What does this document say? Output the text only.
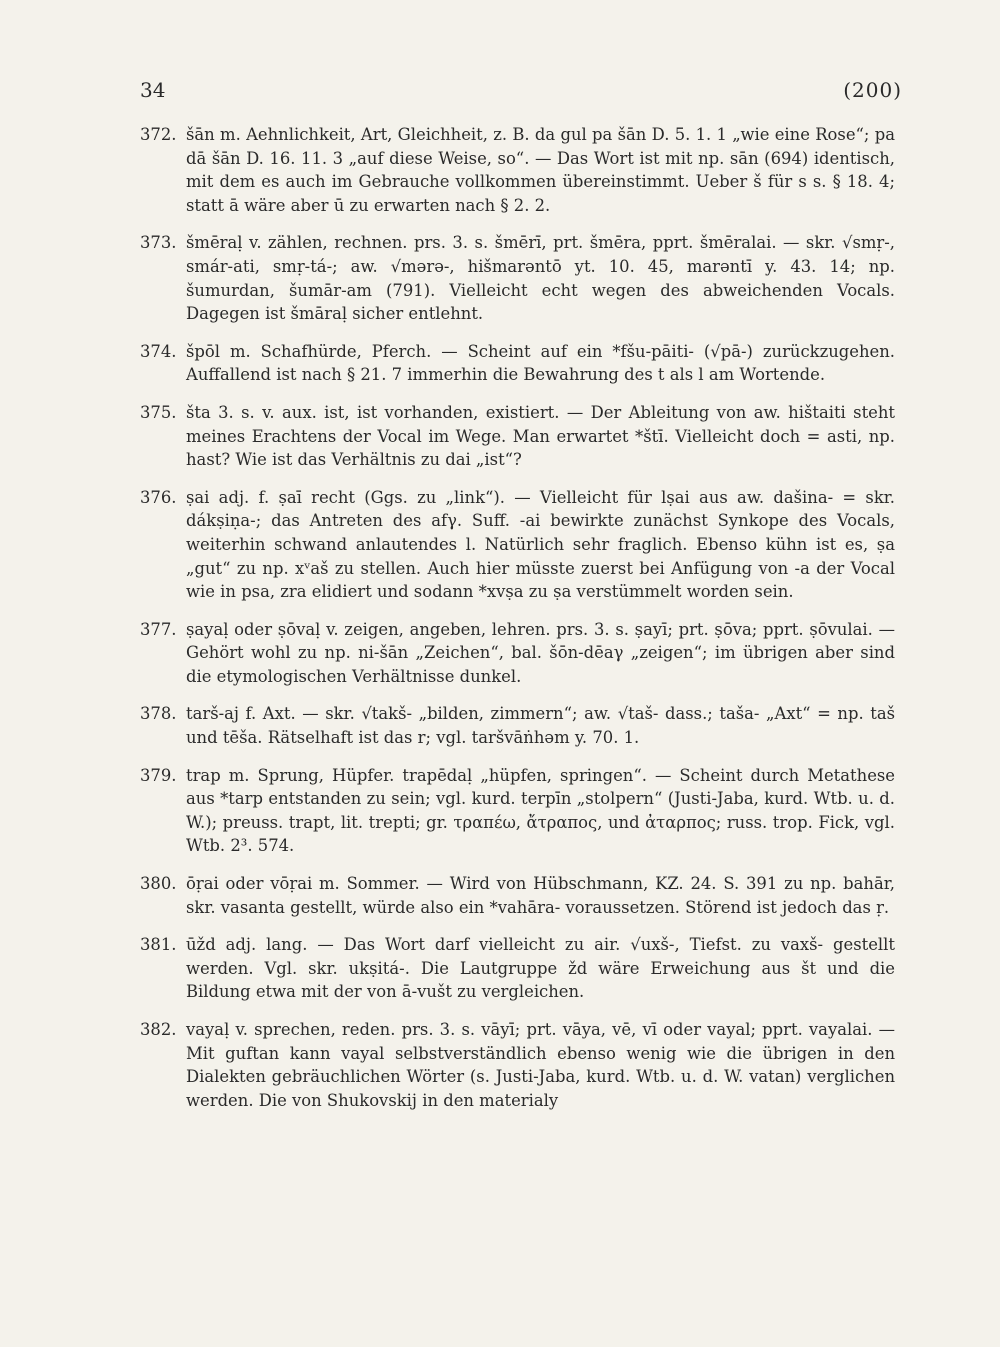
34	(200)
372. šān m. Aehnlichkeit, Art, Gleichheit, z. B. da gul pa šān D. 5. 1. 1 „wie eine Rose“; pa dā šān D. 16. 11. 3 „auf diese Weise, so“. — Das Wort ist mit np. sān (694) identisch, mit dem es auch im Gebrauche vollkommen übereinstimmt. Ueber š für s s. § 18. 4; statt ā wäre aber ū zu erwarten nach § 2. 2.
373. šmēraḷ v. zählen, rechnen. prs. 3. s. šmērī, prt. šmēra, pprt. šmēralai. — skr. √smṛ-, smár-ati, smṛ-tá-; aw. √mərə-, hišmarəntō yt. 10. 45, marəntī y. 43. 14; np. šumurdan, šumār-am (791). Vielleicht echt wegen des abweichenden Vocals. Dagegen ist šmāraḷ sicher entlehnt.
374. špōl m. Schafhürde, Pferch. — Scheint auf ein *fšu-pāiti- (√pā-) zurückzugehen. Auffallend ist nach § 21. 7 immerhin die Bewahrung des t als l am Wortende.
375. šta 3. s. v. aux. ist, ist vorhanden, existiert. — Der Ableitung von aw. hištaiti steht meines Erachtens der Vocal im Wege. Man erwartet *štī. Vielleicht doch = asti, np. hast? Wie ist das Verhältnis zu dai „ist“?
376. ṣai adj. f. ṣaī recht (Ggs. zu „link“). — Vielleicht für lṣai aus aw. dašina- = skr. dákṣiṇa-; das Antreten des afγ. Suff. -ai bewirkte zunächst Synkope des Vocals, weiterhin schwand anlautendes l. Natürlich sehr fraglich. Ebenso kühn ist es, ṣa „gut“ zu np. xᵛaš zu stellen. Auch hier müsste zuerst bei Anfügung von -a der Vocal wie in psa, zra elidiert und sodann *xvṣa zu ṣa verstümmelt worden sein.
377. ṣayaḷ oder ṣōvaḷ v. zeigen, angeben, lehren. prs. 3. s. ṣayī; prt. ṣōva; pprt. ṣōvulai. — Gehört wohl zu np. ni-šān „Zeichen“, bal. šōn-dēaγ „zeigen“; im übrigen aber sind die etymologischen Verhältnisse dunkel.
378. tarš-aj f. Axt. — skr. √takš- „bilden, zimmern“; aw. √taš- dass.; taša- „Axt“ = np. taš und tēša. Rätselhaft ist das r; vgl. taršvāṅhəm y. 70. 1.
379. trap m. Sprung, Hüpfer. trapēdaḷ „hüpfen, springen“. — Scheint durch Metathese aus *tarp entstanden zu sein; vgl. kurd. terpīn „stolpern“ (Justi-Jaba, kurd. Wtb. u. d. W.); preuss. trapt, lit. trepti; gr. τραπέω, ἄτραπος, und ἀταρπος; russ. trop. Fick, vgl. Wtb. 2³. 574.
380. ōṛai oder vōṛai m. Sommer. — Wird von Hübschmann, KZ. 24. S. 391 zu np. bahār, skr. vasanta gestellt, würde also ein *vahāra- voraussetzen. Störend ist jedoch das ṛ.
381. ūžd adj. lang. — Das Wort darf vielleicht zu air. √uxš-, Tiefst. zu vaxš- gestellt werden. Vgl. skr. ukṣitá-. Die Lautgruppe žd wäre Erweichung aus št und die Bildung etwa mit der von ā-vušt zu vergleichen.
382. vayaḷ v. sprechen, reden. prs. 3. s. vāyī; prt. vāya, vē, vī oder vayal; pprt. vayalai. — Mit guftan kann vayal selbstverständlich ebenso wenig wie die übrigen in den Dialekten gebräuchlichen Wörter (s. Justi-Jaba, kurd. Wtb. u. d. W. vatan) verglichen werden. Die von Shukovskij in den materialy
